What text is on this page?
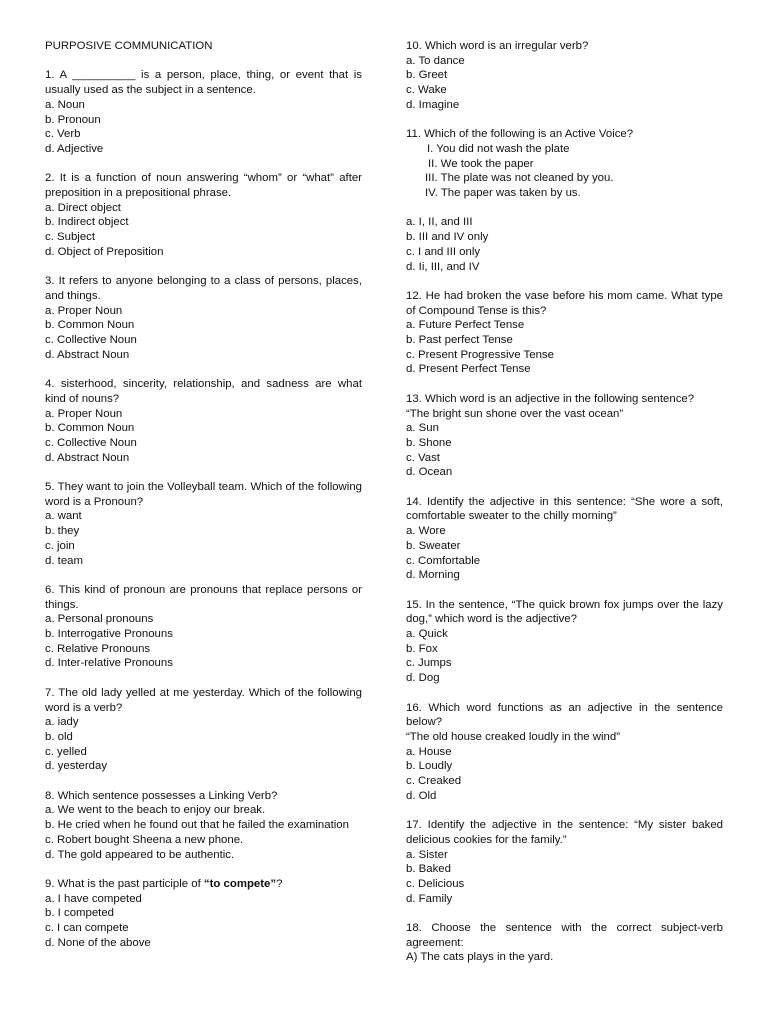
PURPOSIVE COMMUNICATION
1. A __________ is a person, place, thing, or event that is usually used as the subject in a sentence.
a. Noun
b. Pronoun
c. Verb
d. Adjective
2. It is a function of noun answering “whom” or “what” after preposition in a prepositional phrase.
a. Direct object
b. Indirect object
c. Subject
d. Object of Preposition
3. It refers to anyone belonging to a class of persons, places, and things.
a. Proper Noun
b. Common Noun
c. Collective Noun
d. Abstract Noun
4. sisterhood, sincerity, relationship, and sadness are what kind of nouns?
a. Proper Noun
b. Common Noun
c. Collective Noun
d. Abstract Noun
5. They want to join the Volleyball team. Which of the following word is a Pronoun?
a. want
b. they
c. join
d. team
6. This kind of pronoun are pronouns that replace persons or things.
a. Personal pronouns
b. Interrogative Pronouns
c. Relative Pronouns
d. Inter-relative Pronouns
7. The old lady yelled at me yesterday. Which of the following word is a verb?
a. iady
b. old
c. yelled
d. yesterday
8. Which sentence possesses a Linking Verb?
a. We went to the beach to enjoy our break.
b. He cried when he found out that he failed the examination
c. Robert bought Sheena a new phone.
d. The gold appeared to be authentic.
9. What is the past participle of “to compete”?
a. I have competed
b. I competed
c. I can compete
d. None of the above
10. Which word is an irregular verb?
a. To dance
b. Greet
c. Wake
d. Imagine
11. Which of the following is an Active Voice?
I. You did not wash the plate
II. We took the paper
III. The plate was not cleaned by you.
IV. The paper was taken by us.
a. I, II, and III
b. III and IV only
c. I and III only
d. Ii, III, and IV
12. He had broken the vase before his mom came. What type of Compound Tense is this?
a. Future Perfect Tense
b. Past perfect Tense
c. Present Progressive Tense
d. Present Perfect Tense
13. Which word is an adjective in the following sentence?
“The bright sun shone over the vast ocean”
a. Sun
b. Shone
c. Vast
d. Ocean
14. Identify the adjective in this sentence: “She wore a soft, comfortable sweater to the chilly morning”
a. Wore
b. Sweater
c. Comfortable
d. Morning
15. In the sentence, “The quick brown fox jumps over the lazy dog,” which word is the adjective?
a. Quick
b. Fox
c. Jumps
d. Dog
16. Which word functions as an adjective in the sentence below?
“The old house creaked loudly in the wind”
a. House
b. Loudly
c. Creaked
d. Old
17. Identify the adjective in the sentence: “My sister baked delicious cookies for the family.”
a. Sister
b. Baked
c. Delicious
d. Family
18. Choose the sentence with the correct subject-verb agreement:
A) The cats plays in the yard.
